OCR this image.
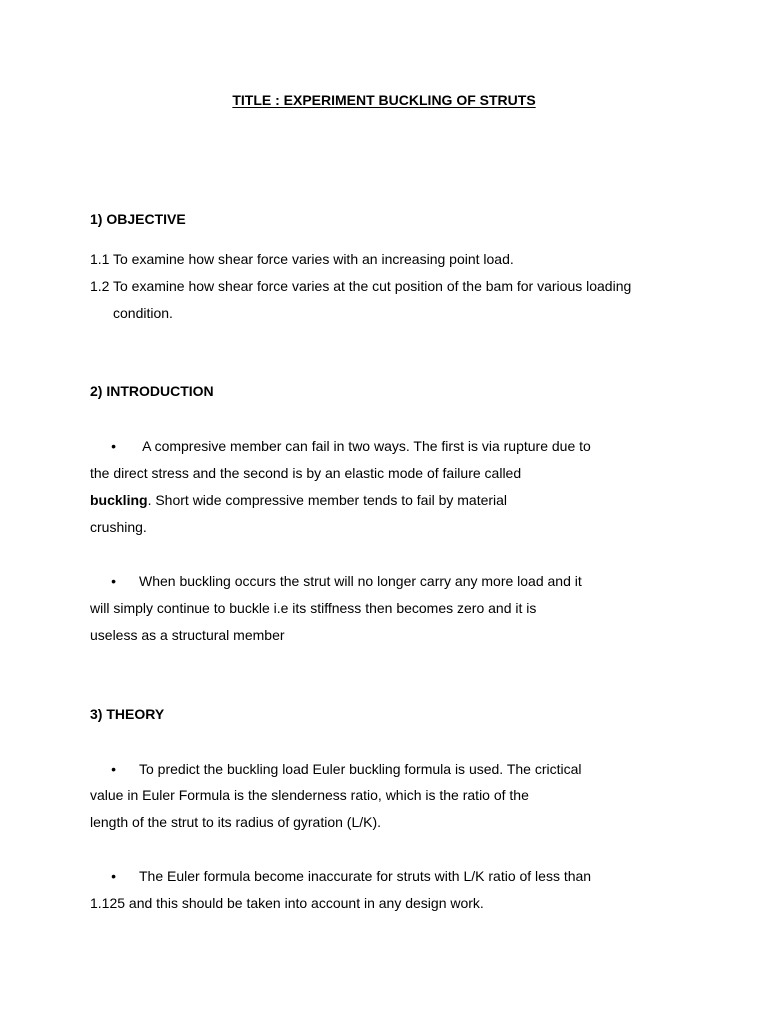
TITLE : EXPERIMENT BUCKLING OF STRUTS
1) OBJECTIVE
1.1 To examine how shear force varies with an increasing point load.
1.2 To examine how shear force varies at the cut position of the bam for various loading
condition.
2) INTRODUCTION
• A compresive member can fail in two ways. The first is via rupture due to
the direct stress and the second is by an elastic mode of failure called
buckling. Short wide compressive member tends to fail by material
crushing.
• When buckling occurs the strut will no longer carry any more load and it
will simply continue to buckle i.e its stiffness then becomes zero and it is
useless as a structural member
3) THEORY
• To predict the buckling load Euler buckling formula is used. The crictical
value in Euler Formula is the slenderness ratio, which is the ratio of the
length of the strut to its radius of gyration (L/K).
• The Euler formula become inaccurate for struts with L/K ratio of less than
1.125 and this should be taken into account in any design work.
